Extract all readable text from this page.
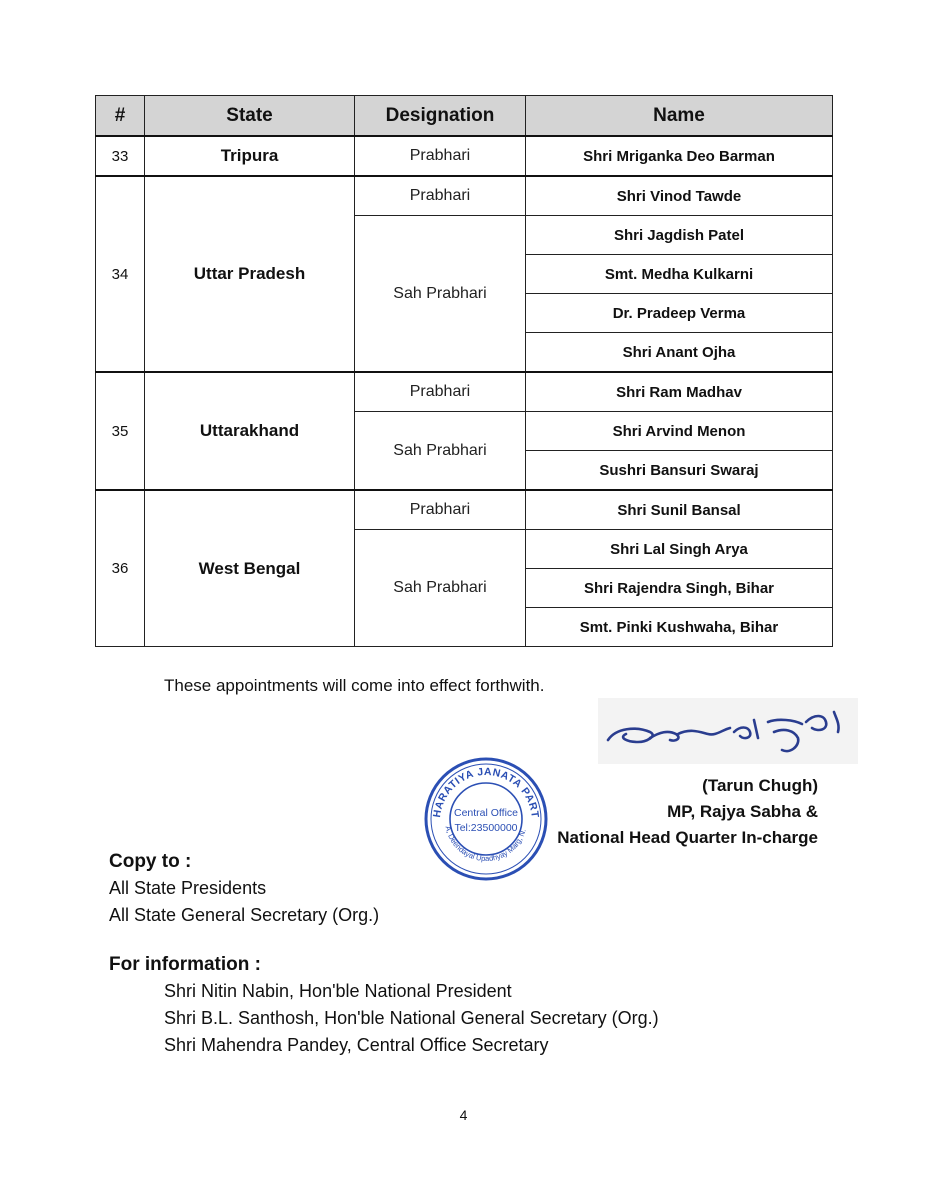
#	State	Designation	Name
33	Tripura	Prabhari	Shri Mriganka Deo Barman
34	Uttar Pradesh	Prabhari	Shri Vinod Tawde
		Sah Prabhari	Shri Jagdish Patel
			Smt. Medha Kulkarni
			Dr. Pradeep Verma
			Shri Anant Ojha
35	Uttarakhand	Prabhari	Shri Ram Madhav
		Sah Prabhari	Shri Arvind Menon
			Sushri Bansuri Swaraj
36	West Bengal	Prabhari	Shri Sunil Bansal
		Sah Prabhari	Shri Lal Singh Arya
			Shri Rajendra Singh, Bihar
			Smt. Pinki Kushwaha, Bihar
These appointments will come into effect forthwith.
HARATIYA JANATA PART
A, Deendayal Upadhyay Marg, N.
Central Office
Tel:23500000
(Tarun Chugh)
MP, Rajya Sabha &
National Head Quarter In-charge
Copy to :
All State Presidents
All State General Secretary (Org.)
For information :
Shri Nitin Nabin, Hon'ble National President
Shri B.L. Santhosh, Hon'ble National General Secretary (Org.)
Shri Mahendra Pandey, Central Office Secretary
4
